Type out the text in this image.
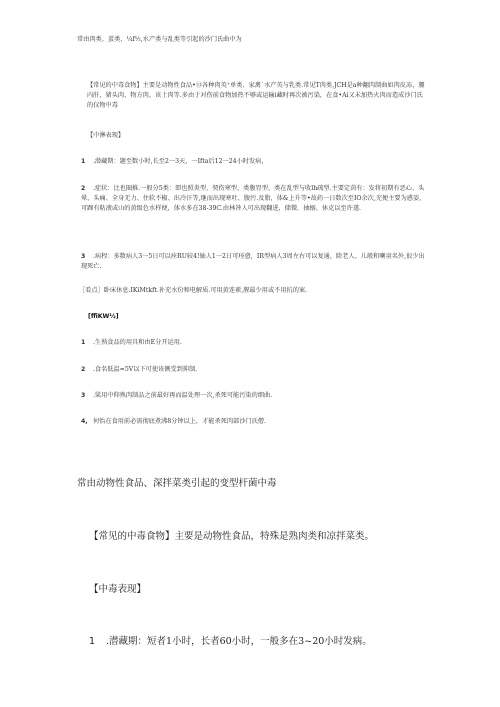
常由肉类、蛋类、¼f½,水产类与乱类等引起的沙门氏曲中为
【常见的中毒食物】主要是动物性食品•⑬各种肉英⁺单类、家禽˙水产英与乳类.常见T肉类.JCH是a种翻肉制曲如肉皮冻、腰内肝、猪头肉、物方肉、该土肉等.多由于对伤前食物加热不够或运输i藏时再次被污染，在食•Ai又未加热火肉而造成沙门氏的仅物中毒
【中淋表现】
1 .潜藏期：题至数小时,长至2一3天，一Ifta后12一24小时发病，
2 .症状：比也圈推.一般分5类：即也照炎型、契伤寒型、类腹胃型、类在乱型与收lh疏型.主要定茵有：发将初期有恶心、头晕、头痛、全身无力、住软不椒、出冷汗等,继而出现寒吐、腹污.及脂，体&上升等•故药一日数次至IO余次,充便主要为惑姿，可蹿有粘液或山的黄级色水样便，体水多在38-39C.由林咎人可出现翻进，储微．抽搦、休克以至许遂.
3 .病程：多数病人3一5日可以痊RU较4!轴人1一2日可痊愈，IR型病人3周左右可以复通，除老人、儿般和喇羽名外,很少出现死亡.
［看点］卧床休息.IKiMtkft.补充水份和电解质.可用黄连素,腥最少用或不用抗的案.
[ffiKW½]
1 .生熟食品的用具和由E分开运用.
2 .食名低温≈5V以下可使该侧受到抑制.
3 .粱用中仰熟肉制品之前最好再而温处理一次,杀死可能污染的细曲.
4, 何怡在食用前必需彻底煮沸8分钟以上，才能杀死肉部沙门氏僧.
常由动物性食品、深拌菜类引起的变型杆菌中毒
【常见的中毒食物】主要是动物性食品，特殊是熟肉类和凉拌菜类。
【中毒表现】
1 .潜藏期：短者1小时，长者60小时，一般多在3~20小时发病。
